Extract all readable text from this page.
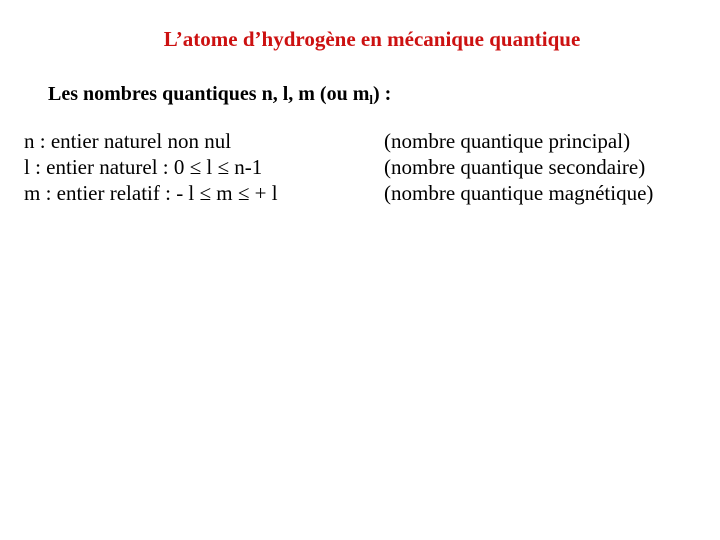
L’atome d’hydrogène en mécanique quantique
Les nombres quantiques n, l, m (ou $m_l$) :
n : entier naturel non nul
l : entier naturel : 0 ≤ l ≤ n-1
m : entier relatif : - l ≤ m ≤ + l
(nombre quantique principal)
(nombre quantique secondaire)
(nombre quantique magnétique)
